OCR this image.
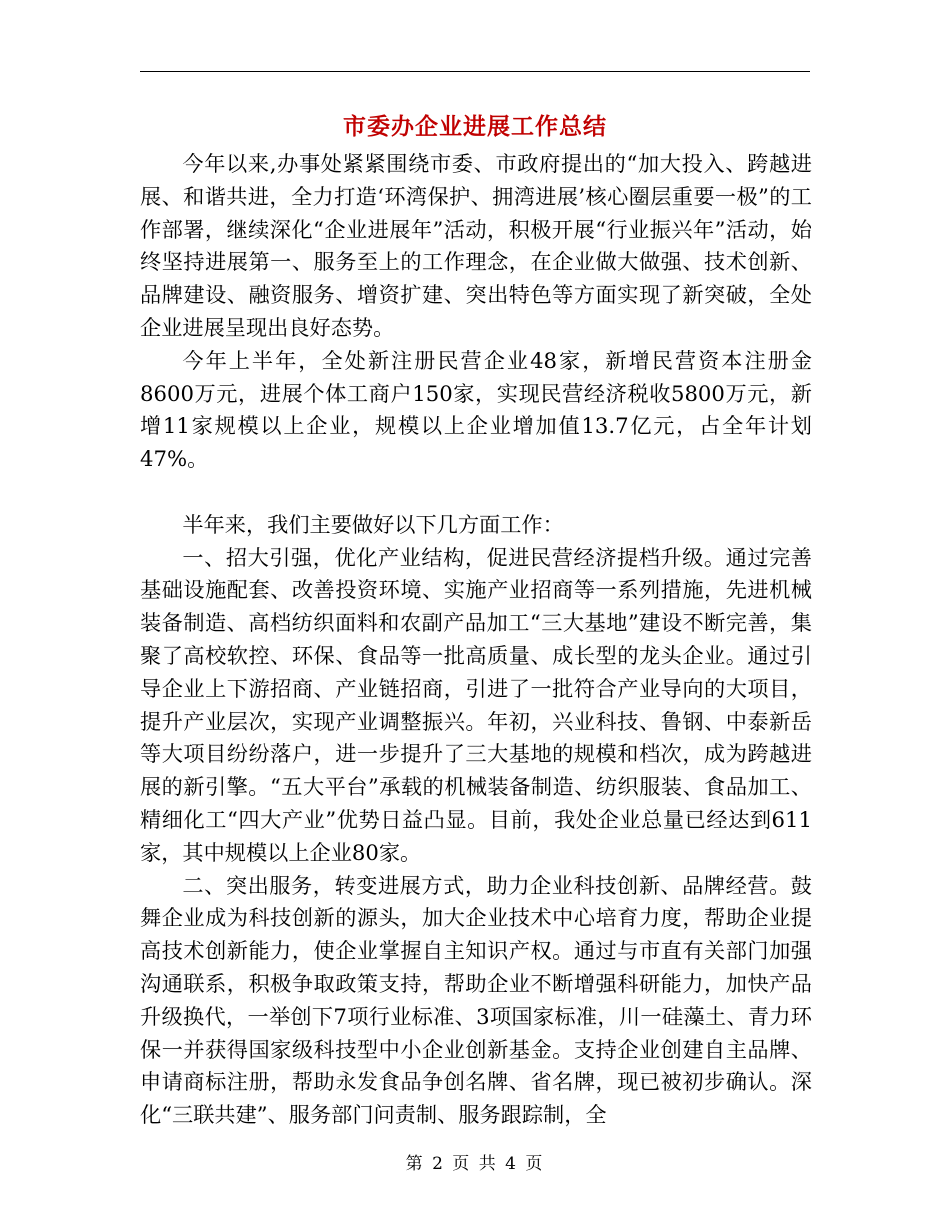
市委办企业进展工作总结

今年以来,办事处紧紧围绕市委、市政府提出的“加大投入、跨越进展、和谐共进，全力打造‘环湾保护、拥湾进展’核心圈层重要一极”的工作部署，继续深化“企业进展年”活动，积极开展“行业振兴年”活动，始终坚持进展第一、服务至上的工作理念，在企业做大做强、技术创新、品牌建设、融资服务、增资扩建、突出特色等方面实现了新突破，全处企业进展呈现出良好态势。

今年上半年，全处新注册民营企业48家，新增民营资本注册金8600万元，进展个体工商户150家，实现民营经济税收5800万元，新增11家规模以上企业，规模以上企业增加值13.7亿元，占全年计划47%。

半年来，我们主要做好以下几方面工作：

一、招大引强，优化产业结构，促进民营经济提档升级。通过完善基础设施配套、改善投资环境、实施产业招商等一系列措施，先进机械装备制造、高档纺织面料和农副产品加工“三大基地”建设不断完善，集聚了高校软控、环保、食品等一批高质量、成长型的龙头企业。通过引导企业上下游招商、产业链招商，引进了一批符合产业导向的大项目，提升产业层次，实现产业调整振兴。年初，兴业科技、鲁钢、中泰新岳等大项目纷纷落户，进一步提升了三大基地的规模和档次，成为跨越进展的新引擎。“五大平台”承载的机械装备制造、纺织服装、食品加工、精细化工“四大产业”优势日益凸显。目前，我处企业总量已经达到611家，其中规模以上企业80家。

二、突出服务，转变进展方式，助力企业科技创新、品牌经营。鼓舞企业成为科技创新的源头，加大企业技术中心培育力度，帮助企业提高技术创新能力，使企业掌握自主知识产权。通过与市直有关部门加强沟通联系，积极争取政策支持，帮助企业不断增强科研能力，加快产品升级换代，一举创下7项行业标准、3项国家标准，川一硅藻土、青力环保一并获得国家级科技型中小企业创新基金。支持企业创建自主品牌、申请商标注册，帮助永发食品争创名牌、省名牌，现已被初步确认。深化“三联共建”、服务部门问责制、服务跟踪制，全

第 2 页 共 4 页
